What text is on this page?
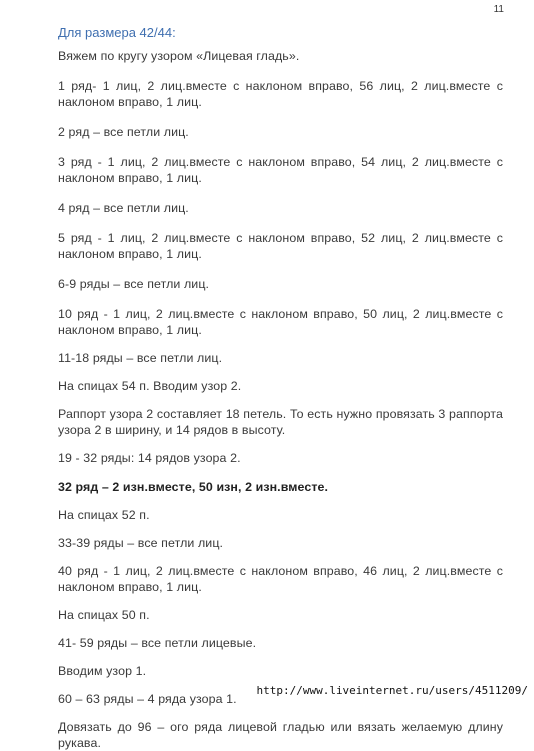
11
Для размера 42/44:

Вяжем по кругу узором «Лицевая гладь».

1 ряд- 1 лиц, 2 лиц.вместе с наклоном вправо, 56 лиц, 2 лиц.вместе с наклоном вправо, 1 лиц.

2 ряд – все петли лиц.

3 ряд - 1 лиц, 2 лиц.вместе с наклоном вправо, 54 лиц, 2 лиц.вместе с наклоном вправо, 1 лиц.

4 ряд – все петли лиц.

5 ряд - 1 лиц, 2 лиц.вместе с наклоном вправо, 52 лиц, 2 лиц.вместе с наклоном вправо, 1 лиц.

6-9 ряды – все петли лиц.

10 ряд - 1 лиц, 2 лиц.вместе с наклоном вправо, 50 лиц, 2 лиц.вместе с наклоном вправо, 1 лиц.

11-18 ряды – все петли лиц.

На спицах 54 п. Вводим узор 2.

Раппорт узора 2 составляет 18 петель. То есть нужно провязать 3 раппорта узора 2 в ширину, и 14 рядов в высоту.

19 - 32 ряды: 14 рядов узора 2.

32 ряд – 2 изн.вместе, 50 изн, 2 изн.вместе.

На спицах 52 п.

33-39 ряды – все петли лиц.

40 ряд - 1 лиц, 2 лиц.вместе с наклоном вправо, 46 лиц, 2 лиц.вместе с наклоном вправо, 1 лиц.

На спицах 50 п.

41- 59 ряды – все петли лицевые.

Вводим узор 1.

60 – 63 ряды – 4 ряда узора 1.

Довязать до 96 – ого ряда лицевой гладью или вязать желаемую длину рукава.

http://www.liveinternet.ru/users/4511209/
